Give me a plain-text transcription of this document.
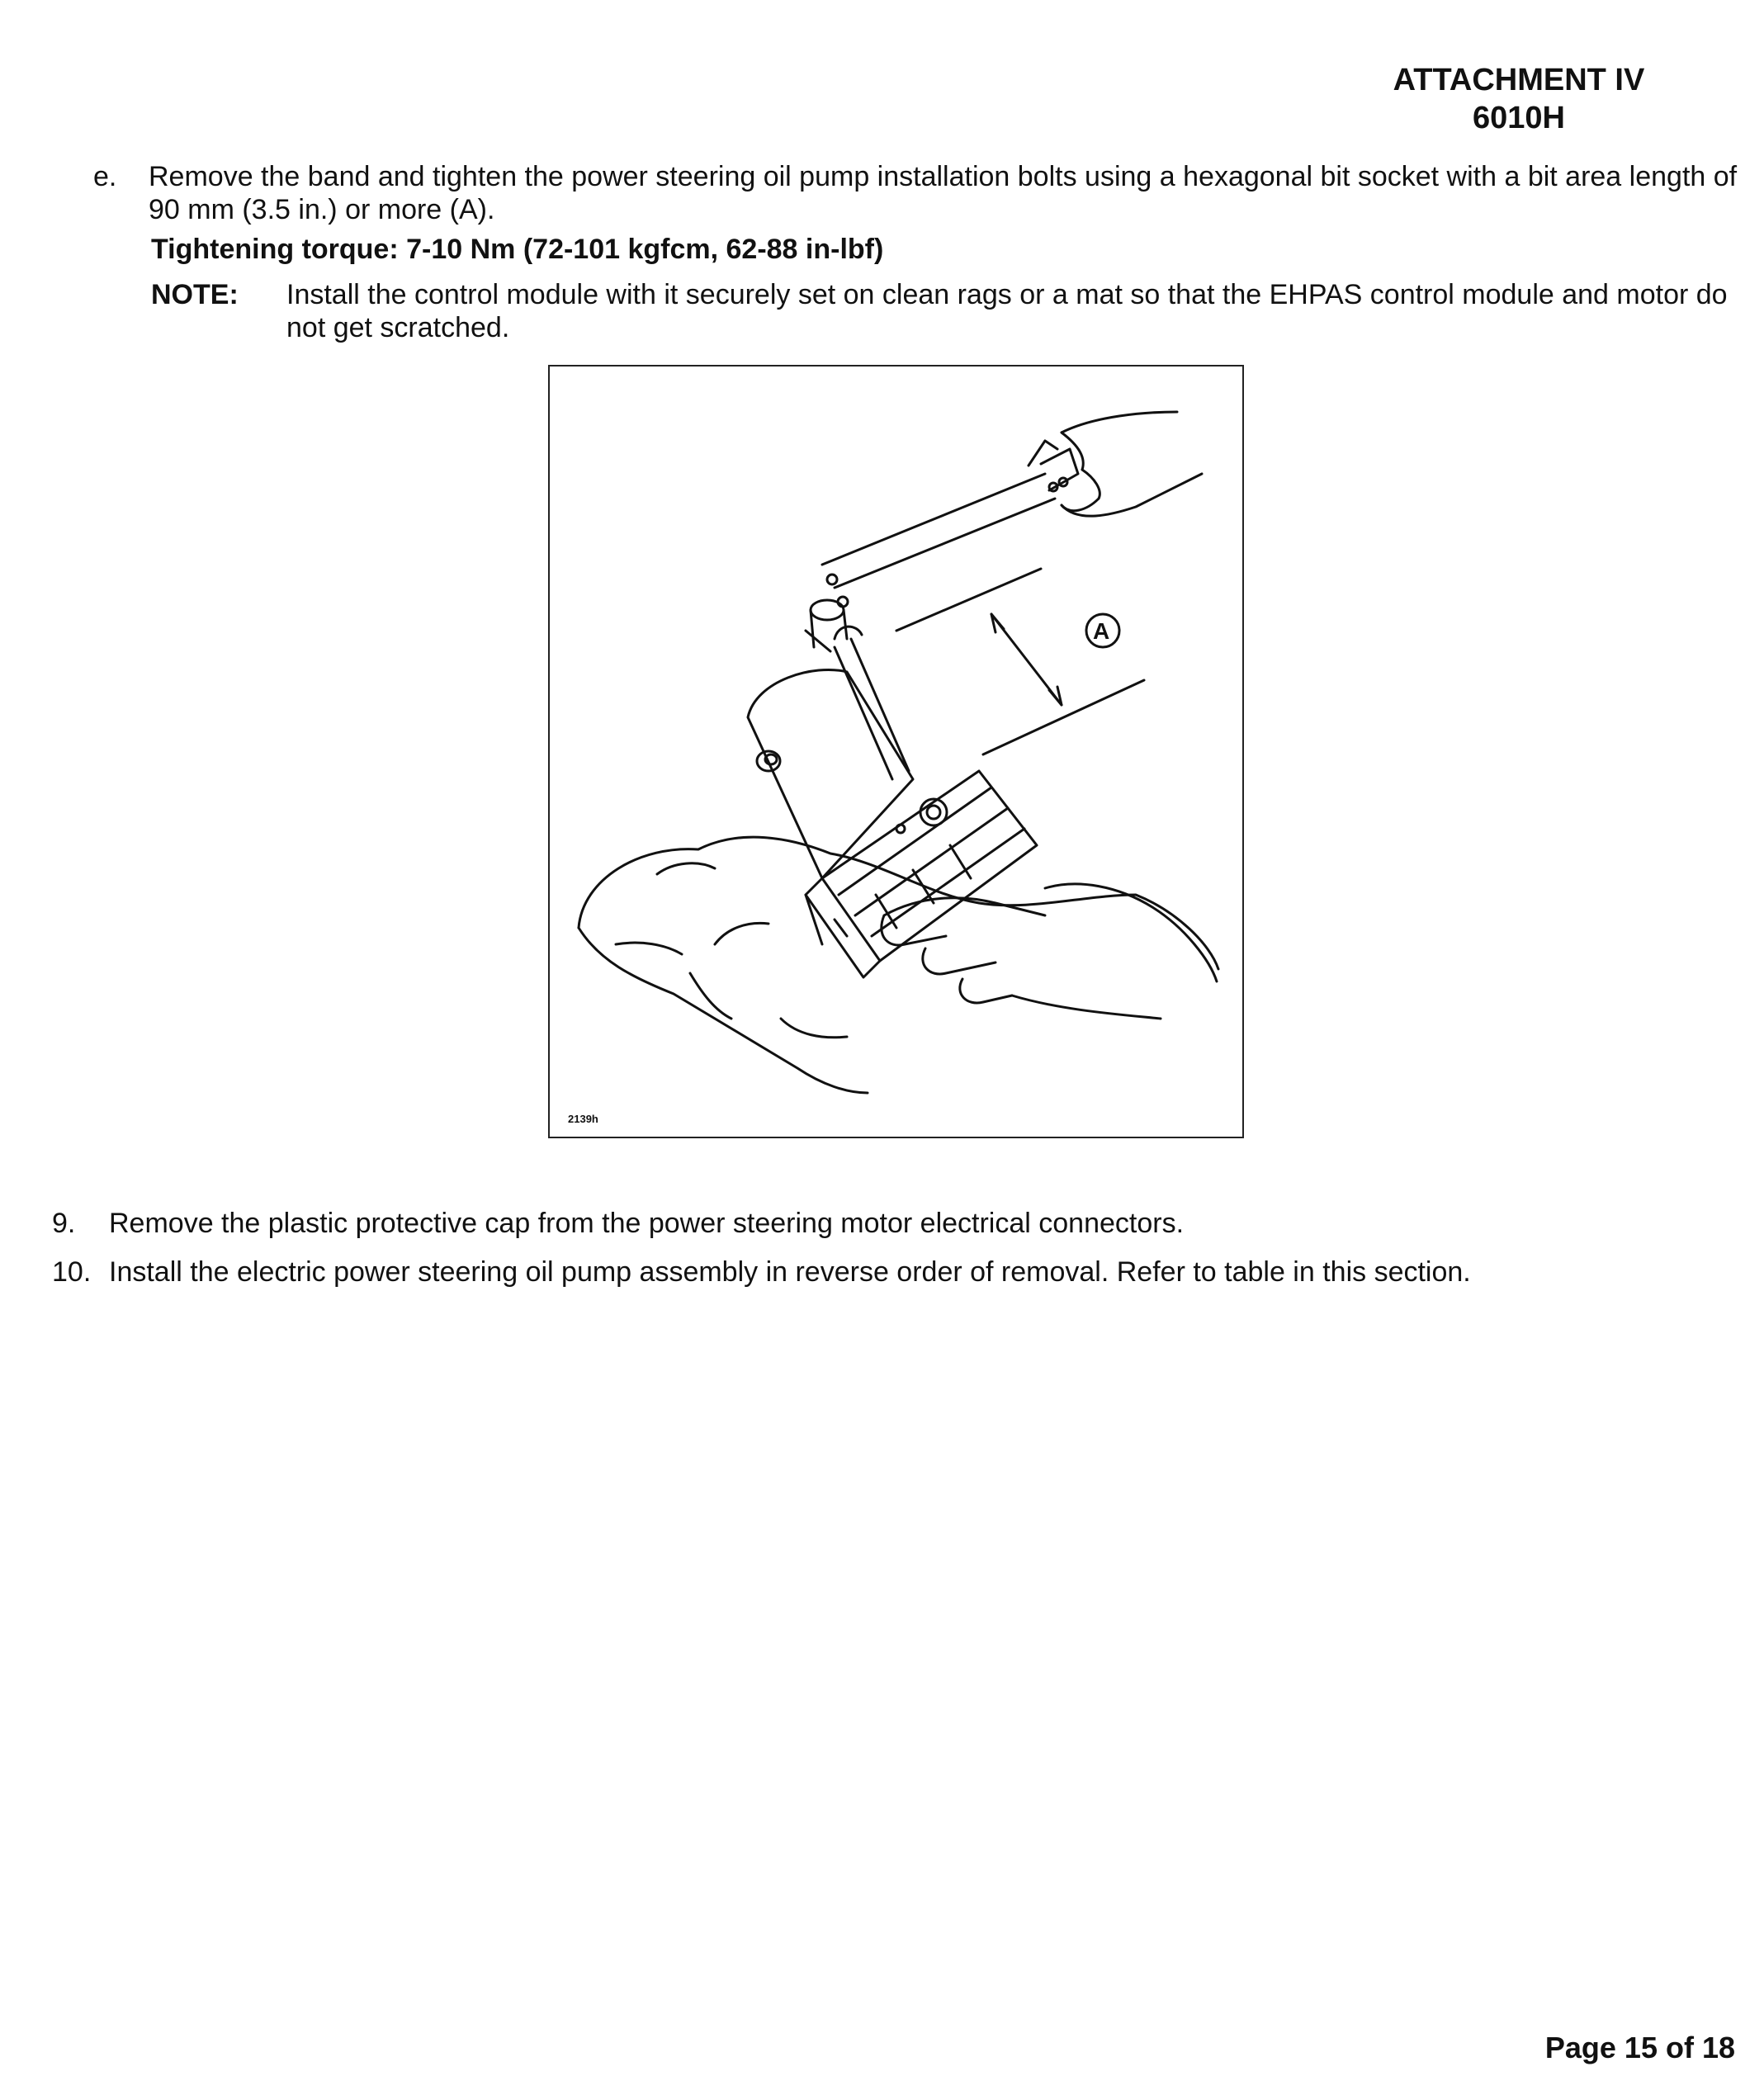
ATTACHMENT IV
6010H
e. Remove the band and tighten the power steering oil pump installation bolts using a hexagonal bit socket with a bit area length of 90 mm (3.5 in.) or more (A).
Tightening torque: 7-10 Nm (72-101 kgfcm, 62-88 in-lbf)
NOTE: Install the control module with it securely set on clean rags or a mat so that the EHPAS control module and motor do not get scratched.
A
2139h
9. Remove the plastic protective cap from the power steering motor electrical connectors.
10. Install the electric power steering oil pump assembly in reverse order of removal. Refer to table in this section.
Page 15 of 18
